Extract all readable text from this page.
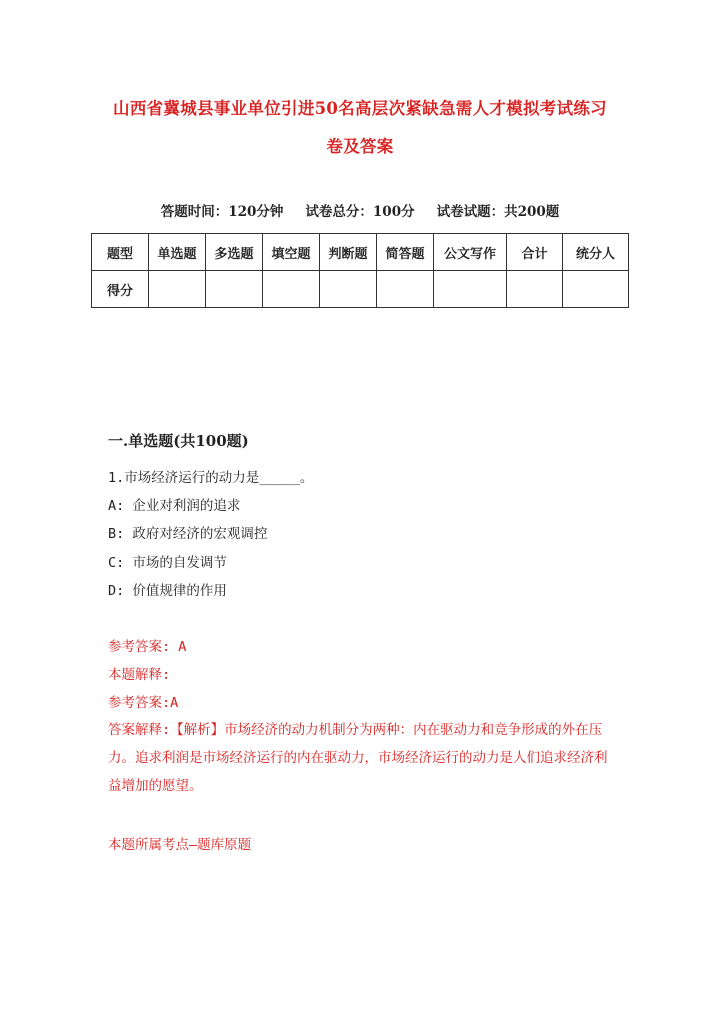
山西省冀城县事业单位引进50名高层次紧缺急需人才模拟考试练习
卷及答案
答题时间：120分钟 试卷总分：100分 试卷试题：共200题
题型	单选题	多选题	填空题	判断题	简答题	公文写作	合计	统分人
得分								
一.单选题(共100题)
1.市场经济运行的动力是_____。
A: 企业对利润的追求
B: 政府对经济的宏观调控
C: 市场的自发调节
D: 价值规律的作用
参考答案: A
本题解释:
参考答案:A
答案解释:【解析】市场经济的动力机制分为两种：内在驱动力和竞争形成的外在压力。追求利润是市场经济运行的内在驱动力，市场经济运行的动力是人们追求经济利益增加的愿望。
本题所属考点—题库原题
